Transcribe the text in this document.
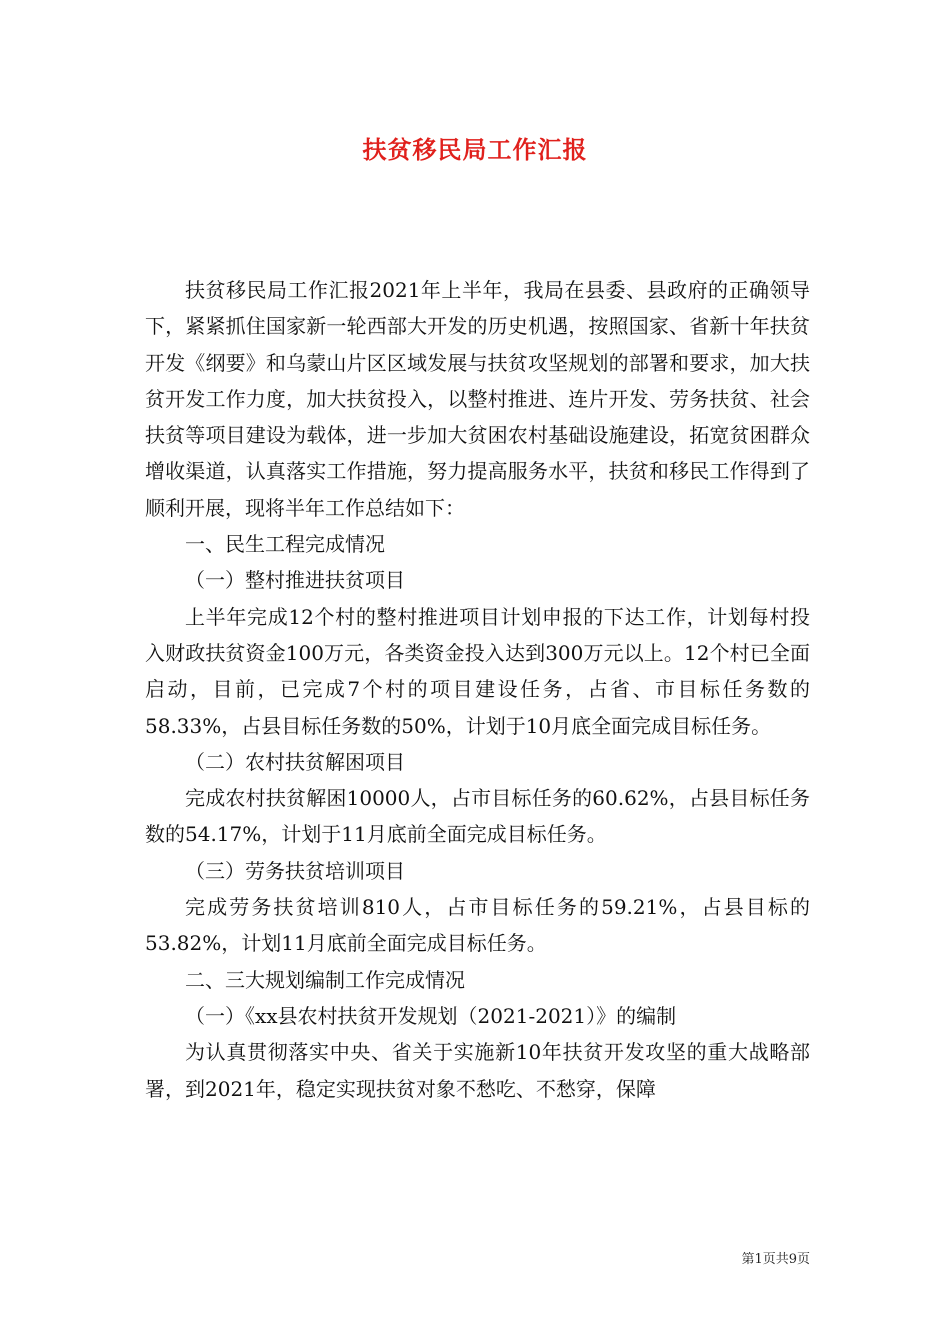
扶贫移民局工作汇报

扶贫移民局工作汇报2021年上半年，我局在县委、县政府的正确领导下，紧紧抓住国家新一轮西部大开发的历史机遇，按照国家、省新十年扶贫开发《纲要》和乌蒙山片区区域发展与扶贫攻坚规划的部署和要求，加大扶贫开发工作力度，加大扶贫投入，以整村推进、连片开发、劳务扶贫、社会扶贫等项目建设为载体，进一步加大贫困农村基础设施建设，拓宽贫困群众增收渠道，认真落实工作措施，努力提高服务水平，扶贫和移民工作得到了顺利开展，现将半年工作总结如下：

一、民生工程完成情况

（一）整村推进扶贫项目

上半年完成12个村的整村推进项目计划申报的下达工作，计划每村投入财政扶贫资金100万元，各类资金投入达到300万元以上。12个村已全面启动，目前，已完成7个村的项目建设任务，占省、市目标任务数的58.33%，占县目标任务数的50%，计划于10月底全面完成目标任务。

（二）农村扶贫解困项目

完成农村扶贫解困10000人，占市目标任务的60.62%，占县目标任务数的54.17%，计划于11月底前全面完成目标任务。

（三）劳务扶贫培训项目

完成劳务扶贫培训810人，占市目标任务的59.21%，占县目标的53.82%，计划11月底前全面完成目标任务。

二、三大规划编制工作完成情况

（一）《xx县农村扶贫开发规划（2021-2021）》的编制

为认真贯彻落实中央、省关于实施新10年扶贫开发攻坚的重大战略部署，到2021年，稳定实现扶贫对象不愁吃、不愁穿，保障

第1页共9页
